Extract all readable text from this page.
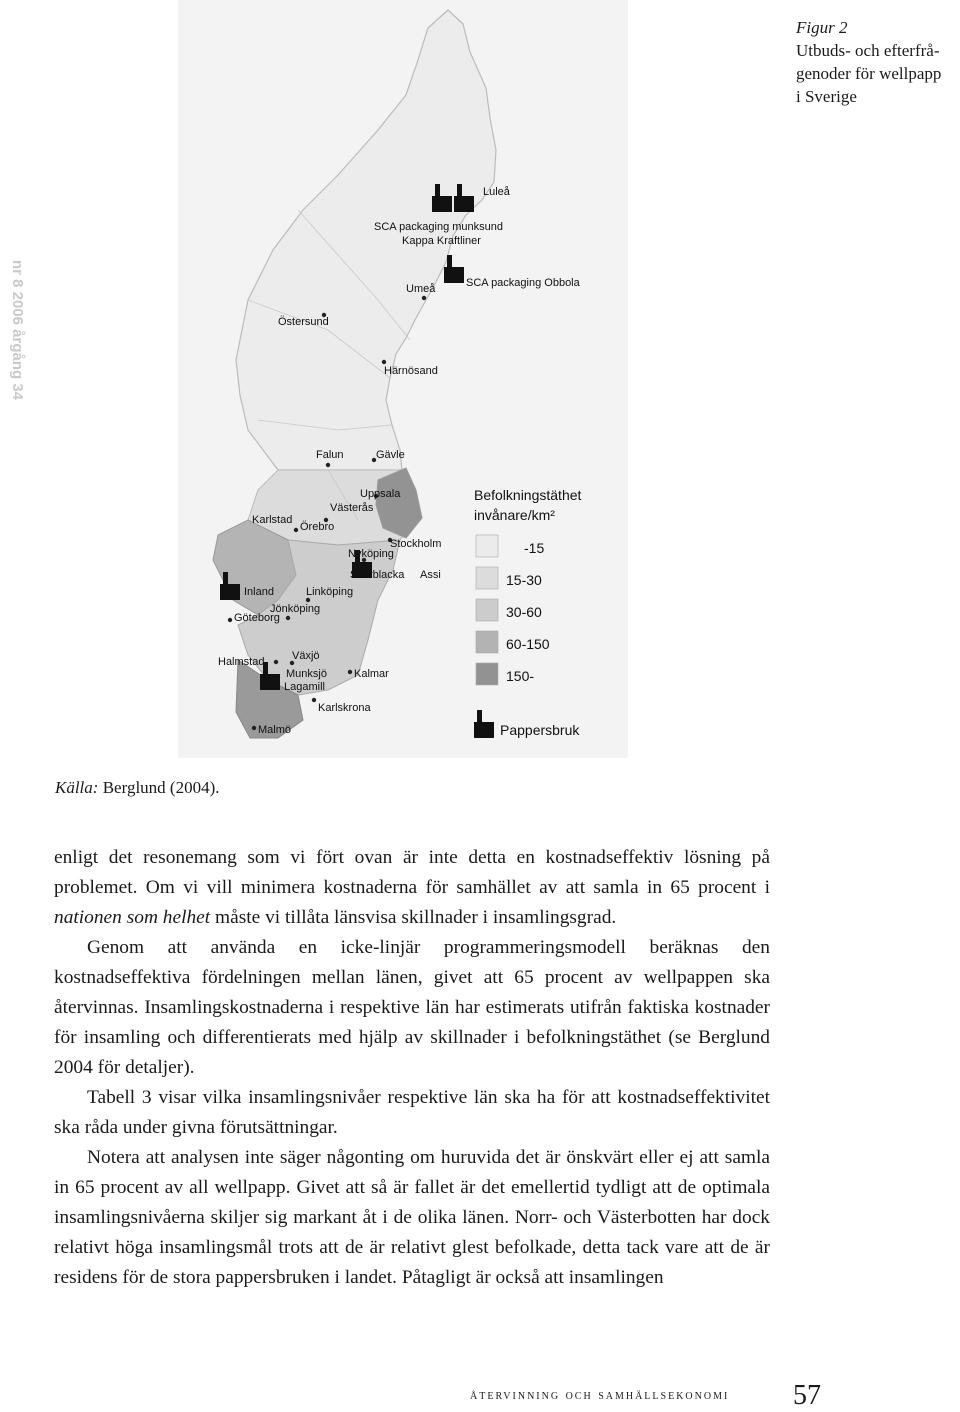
nr 8 2006 årgång 34
Figur 2
Utbuds- och efterfrå-
genoder för wellpapp
i Sverige
Luleå
SCA packaging munksund
Kappa Kraftliner
Umeå	SCA packaging Obbola
Östersund
Härnösand
Falun	Gävle
Uppsala
Västerås
Karlstad
Örebro
Stockholm
Nyköping
Skärblacka Assi
Inland	Linköping
Jönköping
Göteborg
Växjö
Halmstad
Munksjö
Lagamill
Kalmar
Karlskrona
Malmö
Befolkningstäthet
invånare/km²
-15
15-30
30-60
60-150
150-
Pappersbruk
Källa: Berglund (2004).

enligt det resonemang som vi fört ovan är inte detta en kostnadseffektiv lösning på problemet. Om vi vill minimera kostnaderna för samhället av att samla in 65 procent i nationen som helhet måste vi tillåta länsvisa skillnader i insamlingsgrad.

Genom att använda en icke-linjär programmeringsmodell beräknas den kostnadseffektiva fördelningen mellan länen, givet att 65 procent av wellpappen ska återvinnas. Insamlingskostnaderna i respektive län har estimerats utifrån faktiska kostnader för insamling och differentierats med hjälp av skillnader i befolkningstäthet (se Berglund 2004 för detaljer).

Tabell 3 visar vilka insamlingsnivåer respektive län ska ha för att kostnadseffektivitet ska råda under givna förutsättningar.

Notera att analysen inte säger någonting om huruvida det är önskvärt eller ej att samla in 65 procent av all wellpapp. Givet att så är fallet är det emellertid tydligt att de optimala insamlingsnivåerna skiljer sig markant åt i de olika länen. Norr- och Västerbotten har dock relativt höga insamlingsmål trots att de är relativt glest befolkade, detta tack vare att de är residens för de stora pappersbruken i landet. Påtagligt är också att insamlingen

återvinning och samhällsekonomi 57
